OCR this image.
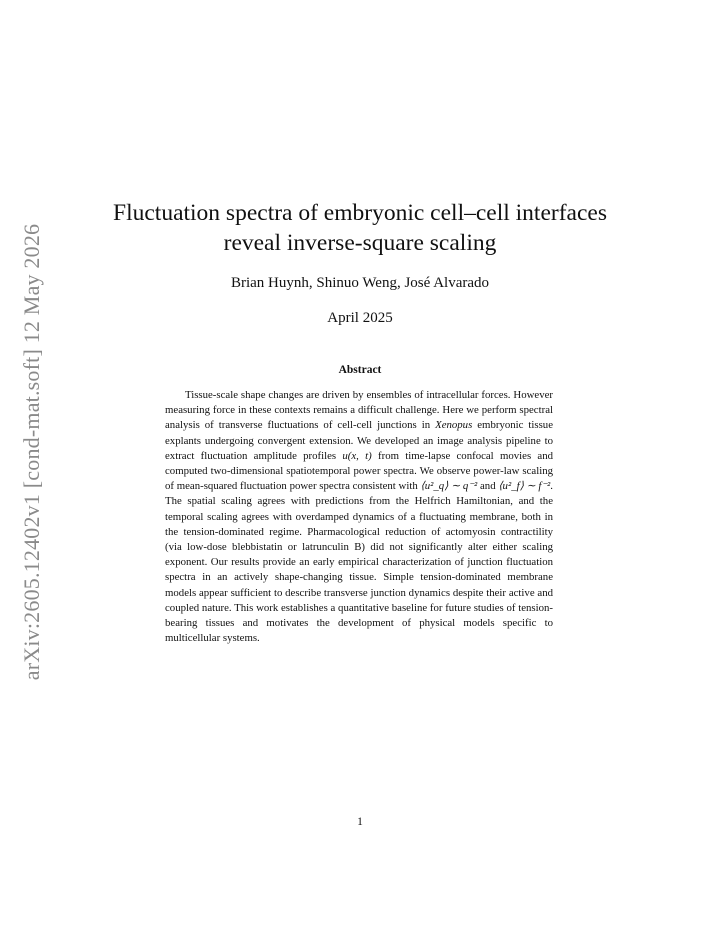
arXiv:2605.12402v1 [cond-mat.soft] 12 May 2026
Fluctuation spectra of embryonic cell–cell interfaces reveal inverse-square scaling
Brian Huynh, Shinuo Weng, José Alvarado
April 2025
Abstract

Tissue-scale shape changes are driven by ensembles of intracellular forces. However measuring force in these contexts remains a difficult challenge. Here we perform spectral analysis of transverse fluctuations of cell-cell junctions in Xenopus embryonic tissue explants undergoing convergent extension. We developed an image analysis pipeline to extract fluctuation amplitude profiles u(x, t) from time-lapse confocal movies and computed two-dimensional spatiotemporal power spectra. We observe power-law scaling of mean-squared fluctuation power spectra consistent with ⟨u²_q⟩ ∼ q⁻² and ⟨u²_f⟩ ∼ f⁻². The spatial scaling agrees with predictions from the Helfrich Hamiltonian, and the temporal scaling agrees with overdamped dynamics of a fluctuating membrane, both in the tension-dominated regime. Pharmacological reduction of actomyosin contractility (via low-dose blebbistatin or latrunculin B) did not significantly alter either scaling exponent. Our results provide an early empirical characterization of junction fluctuation spectra in an actively shape-changing tissue. Simple tension-dominated membrane models appear sufficient to describe transverse junction dynamics despite their active and coupled nature. This work establishes a quantitative baseline for future studies of tension-bearing tissues and motivates the development of physical models specific to multicellular systems.

1
